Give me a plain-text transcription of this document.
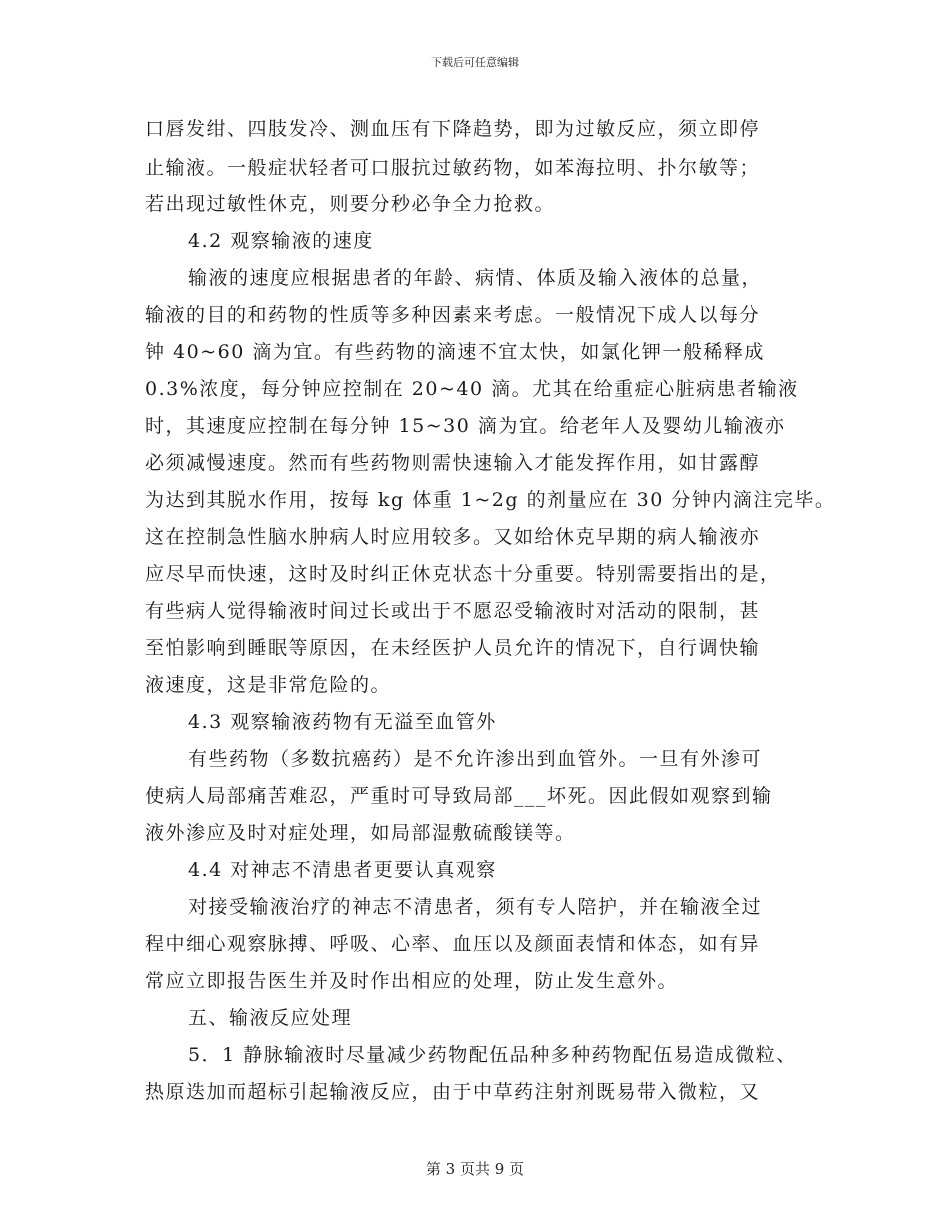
下载后可任意编辑
口唇发绀、四肢发冷、测血压有下降趋势，即为过敏反应，须立即停
止输液。一般症状轻者可口服抗过敏药物，如苯海拉明、扑尔敏等；
若出现过敏性休克，则要分秒必争全力抢救。
4.2 观察输液的速度
输液的速度应根据患者的年龄、病情、体质及输入液体的总量，
输液的目的和药物的性质等多种因素来考虑。一般情况下成人以每分
钟 40~60 滴为宜。有些药物的滴速不宜太快，如氯化钾一般稀释成
0.3%浓度，每分钟应控制在 20~40 滴。尤其在给重症心脏病患者输液
时，其速度应控制在每分钟 15~30 滴为宜。给老年人及婴幼儿输液亦
必须减慢速度。然而有些药物则需快速输入才能发挥作用，如甘露醇
为达到其脱水作用，按每 kg 体重 1~2g 的剂量应在 30 分钟内滴注完毕。
这在控制急性脑水肿病人时应用较多。又如给休克早期的病人输液亦
应尽早而快速，这时及时纠正休克状态十分重要。特别需要指出的是，
有些病人觉得输液时间过长或出于不愿忍受输液时对活动的限制，甚
至怕影响到睡眠等原因，在未经医护人员允许的情况下，自行调快输
液速度，这是非常危险的。
4.3 观察输液药物有无溢至血管外
有些药物（多数抗癌药）是不允许渗出到血管外。一旦有外渗可
使病人局部痛苦难忍，严重时可导致局部___坏死。因此假如观察到输
液外渗应及时对症处理，如局部湿敷硫酸镁等。
4.4 对神志不清患者更要认真观察
对接受输液治疗的神志不清患者，须有专人陪护，并在输液全过
程中细心观察脉搏、呼吸、心率、血压以及颜面表情和体态，如有异
常应立即报告医生并及时作出相应的处理，防止发生意外。
五、输液反应处理
5．1 静脉输液时尽量减少药物配伍品种多种药物配伍易造成微粒、
热原迭加而超标引起输液反应，由于中草药注射剂既易带入微粒，又
第 3 页共 9 页
